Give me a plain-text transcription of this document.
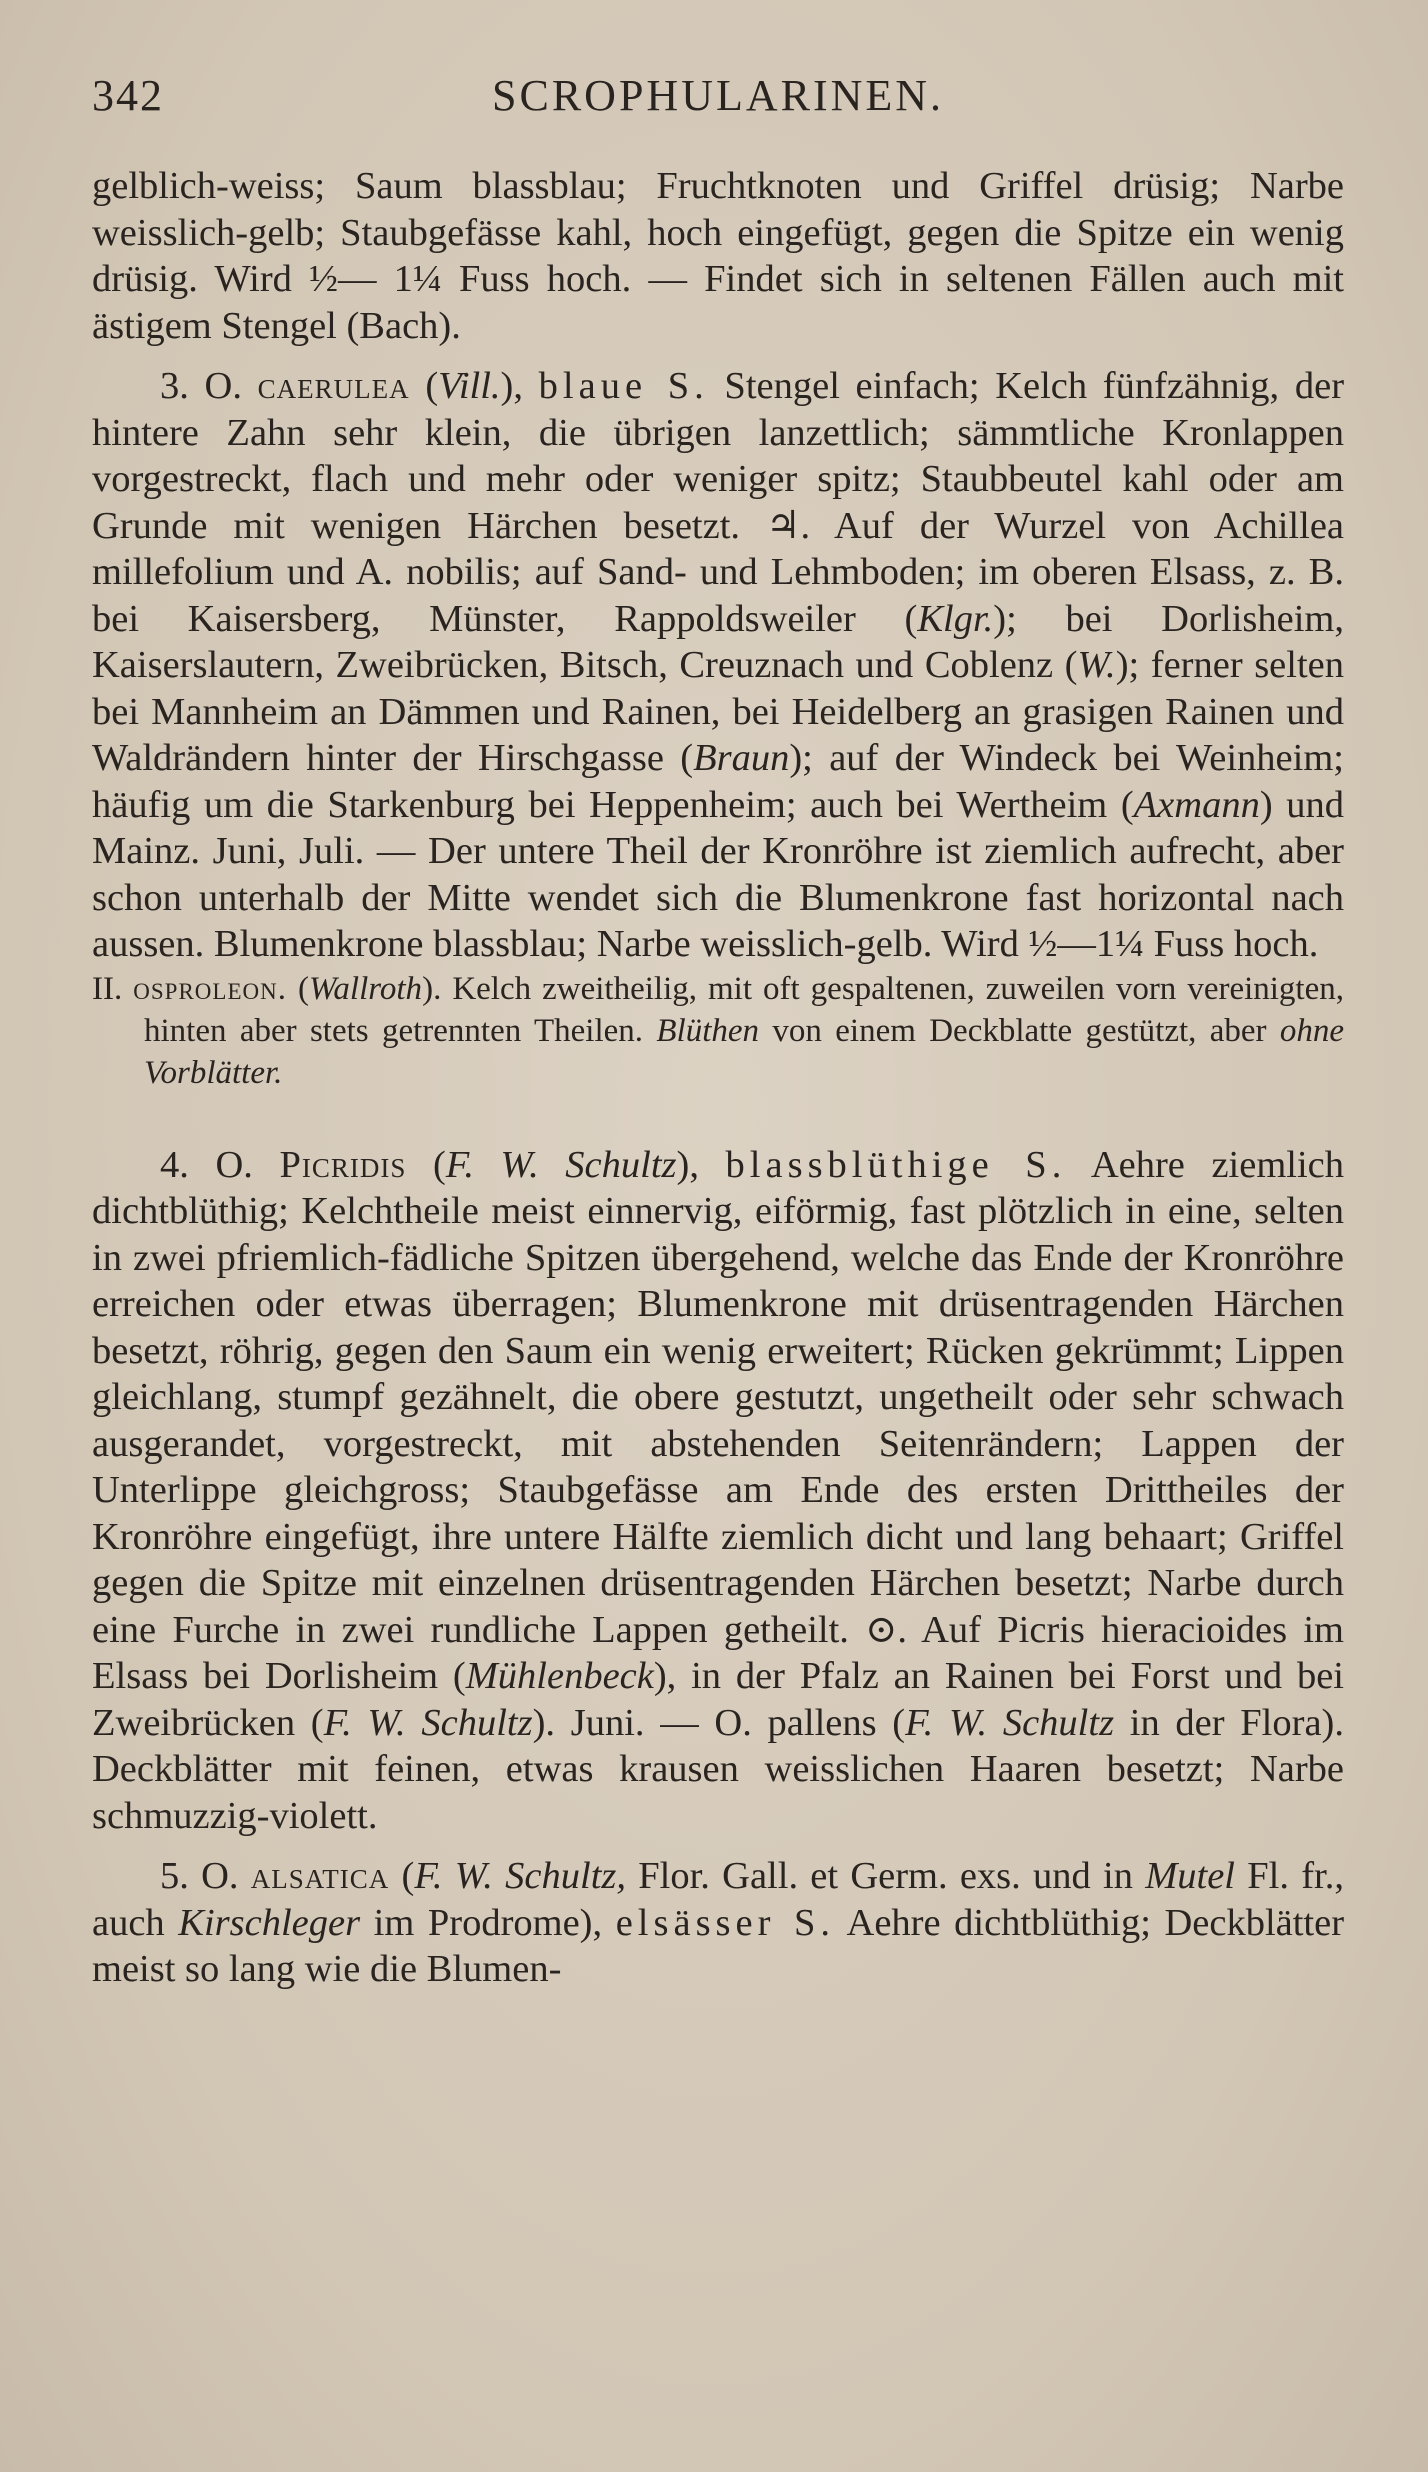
342	SCROPHULARINEN.

gelblich-weiss; Saum blassblau; Fruchtknoten und Griffel drüsig; Narbe weisslich-gelb; Staubgefässe kahl, hoch eingefügt, gegen die Spitze ein wenig drüsig. Wird ½— 1¼ Fuss hoch. — Findet sich in seltenen Fällen auch mit ästigem Stengel (Bach).

3. O. caerulea (Vill.), blaue S. Stengel einfach; Kelch fünfzähnig, der hintere Zahn sehr klein, die übrigen lanzettlich; sämmtliche Kronlappen vorgestreckt, flach und mehr oder weniger spitz; Staubbeutel kahl oder am Grunde mit wenigen Härchen besetzt. ♃. Auf der Wurzel von Achillea millefolium und A. nobilis; auf Sand- und Lehmboden; im oberen Elsass, z. B. bei Kaisersberg, Münster, Rappoldsweiler (Klgr.); bei Dorlisheim, Kaiserslautern, Zweibrücken, Bitsch, Creuznach und Coblenz (W.); ferner selten bei Mannheim an Dämmen und Rainen, bei Heidelberg an grasigen Rainen und Waldrändern hinter der Hirschgasse (Braun); auf der Windeck bei Weinheim; häufig um die Starkenburg bei Heppenheim; auch bei Wertheim (Axmann) und Mainz. Juni, Juli. — Der untere Theil der Kronröhre ist ziemlich aufrecht, aber schon unterhalb der Mitte wendet sich die Blumenkrone fast horizontal nach aussen. Blumenkrone blassblau; Narbe weisslich-gelb. Wird ½—1¼ Fuss hoch.

II. osproleon. (Wallroth). Kelch zweitheilig, mit oft gespaltenen, zuweilen vorn vereinigten, hinten aber stets getrennten Theilen. Blüthen von einem Deckblatte gestützt, aber ohne Vorblätter.

4. O. Picridis (F. W. Schultz), blassblüthige S. Aehre ziemlich dichtblüthig; Kelchtheile meist einnervig, eiförmig, fast plötzlich in eine, selten in zwei pfriemlich-fädliche Spitzen übergehend, welche das Ende der Kronröhre erreichen oder etwas überragen; Blumenkrone mit drüsentragenden Härchen besetzt, röhrig, gegen den Saum ein wenig erweitert; Rücken gekrümmt; Lippen gleichlang, stumpf gezähnelt, die obere gestutzt, ungetheilt oder sehr schwach ausgerandet, vorgestreckt, mit abstehenden Seitenrändern; Lappen der Unterlippe gleichgross; Staubgefässe am Ende des ersten Drittheiles der Kronröhre eingefügt, ihre untere Hälfte ziemlich dicht und lang behaart; Griffel gegen die Spitze mit einzelnen drüsentragenden Härchen besetzt; Narbe durch eine Furche in zwei rundliche Lappen getheilt. ⊙. Auf Picris hieracioides im Elsass bei Dorlisheim (Mühlenbeck), in der Pfalz an Rainen bei Forst und bei Zweibrücken (F. W. Schultz). Juni. — O. pallens (F. W. Schultz in der Flora). Deckblätter mit feinen, etwas krausen weisslichen Haaren besetzt; Narbe schmuzzig-violett.

5. O. alsatica (F. W. Schultz, Flor. Gall. et Germ. exs. und in Mutel Fl. fr., auch Kirschleger im Prodrome), elsässer S. Aehre dichtblüthig; Deckblätter meist so lang wie die Blumen-
